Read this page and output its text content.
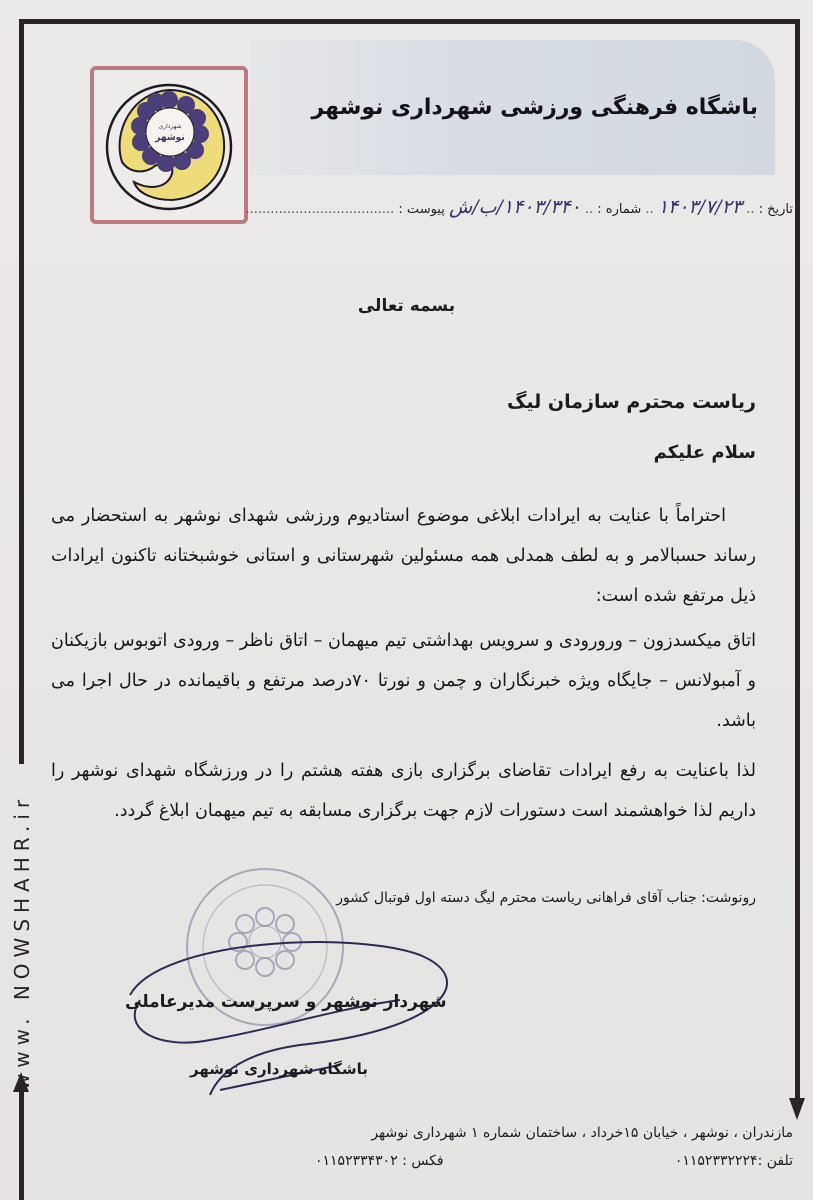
www. NOWSHAHR.ir
باشگاه فرهنگی ورزشی شهرداری نوشهر
شهرداری
نوشهر
تاریخ : .. ۱۴۰۳/۷/۲۳ .. شماره : .. ۱۴۰۳/۳۴۰/ب/ش پیوست : ....................................
بسمه تعالی
ریاست محترم سازمان لیگ
سلام علیکم
احتراماً با عنایت به ایرادات ابلاغی موضوع استادیوم ورزشی شهدای نوشهر به استحضار می رساند حسبالامر و به لطف همدلی همه مسئولین شهرستانی و استانی خوشبختانه تاکنون ایرادات ذیل مرتفع شده است:
اتاق میکسدزون – ورورودی و سرویس بهداشتی تیم میهمان – اتاق ناظر – ورودی اتوبوس بازیکنان و آمبولانس – جایگاه ویژه خبرنگاران و چمن و نورتا ۷۰درصد مرتفع و باقیمانده در حال اجرا می باشد.
لذا باعنایت به رفع ایرادات تقاضای برگزاری بازی هفته هشتم را در ورزشگاه شهدای نوشهر را داریم لذا خواهشمند است دستورات لازم جهت برگزاری مسابقه به تیم میهمان ابلاغ گردد.
رونوشت: جناب آقای فراهانی ریاست محترم لیگ دسته اول فوتبال کشور
شهردار نوشهر و سرپرست مدیرعاملی
باشگاه شهرداری نوشهر
مازندران ، نوشهر ، خیابان ۱۵خرداد ، ساختمان شماره ۱ شهرداری نوشهر
تلفن :۰۱۱۵۲۳۳۲۲۲۴
فکس : ۰۱۱۵۲۳۳۴۳۰۲
